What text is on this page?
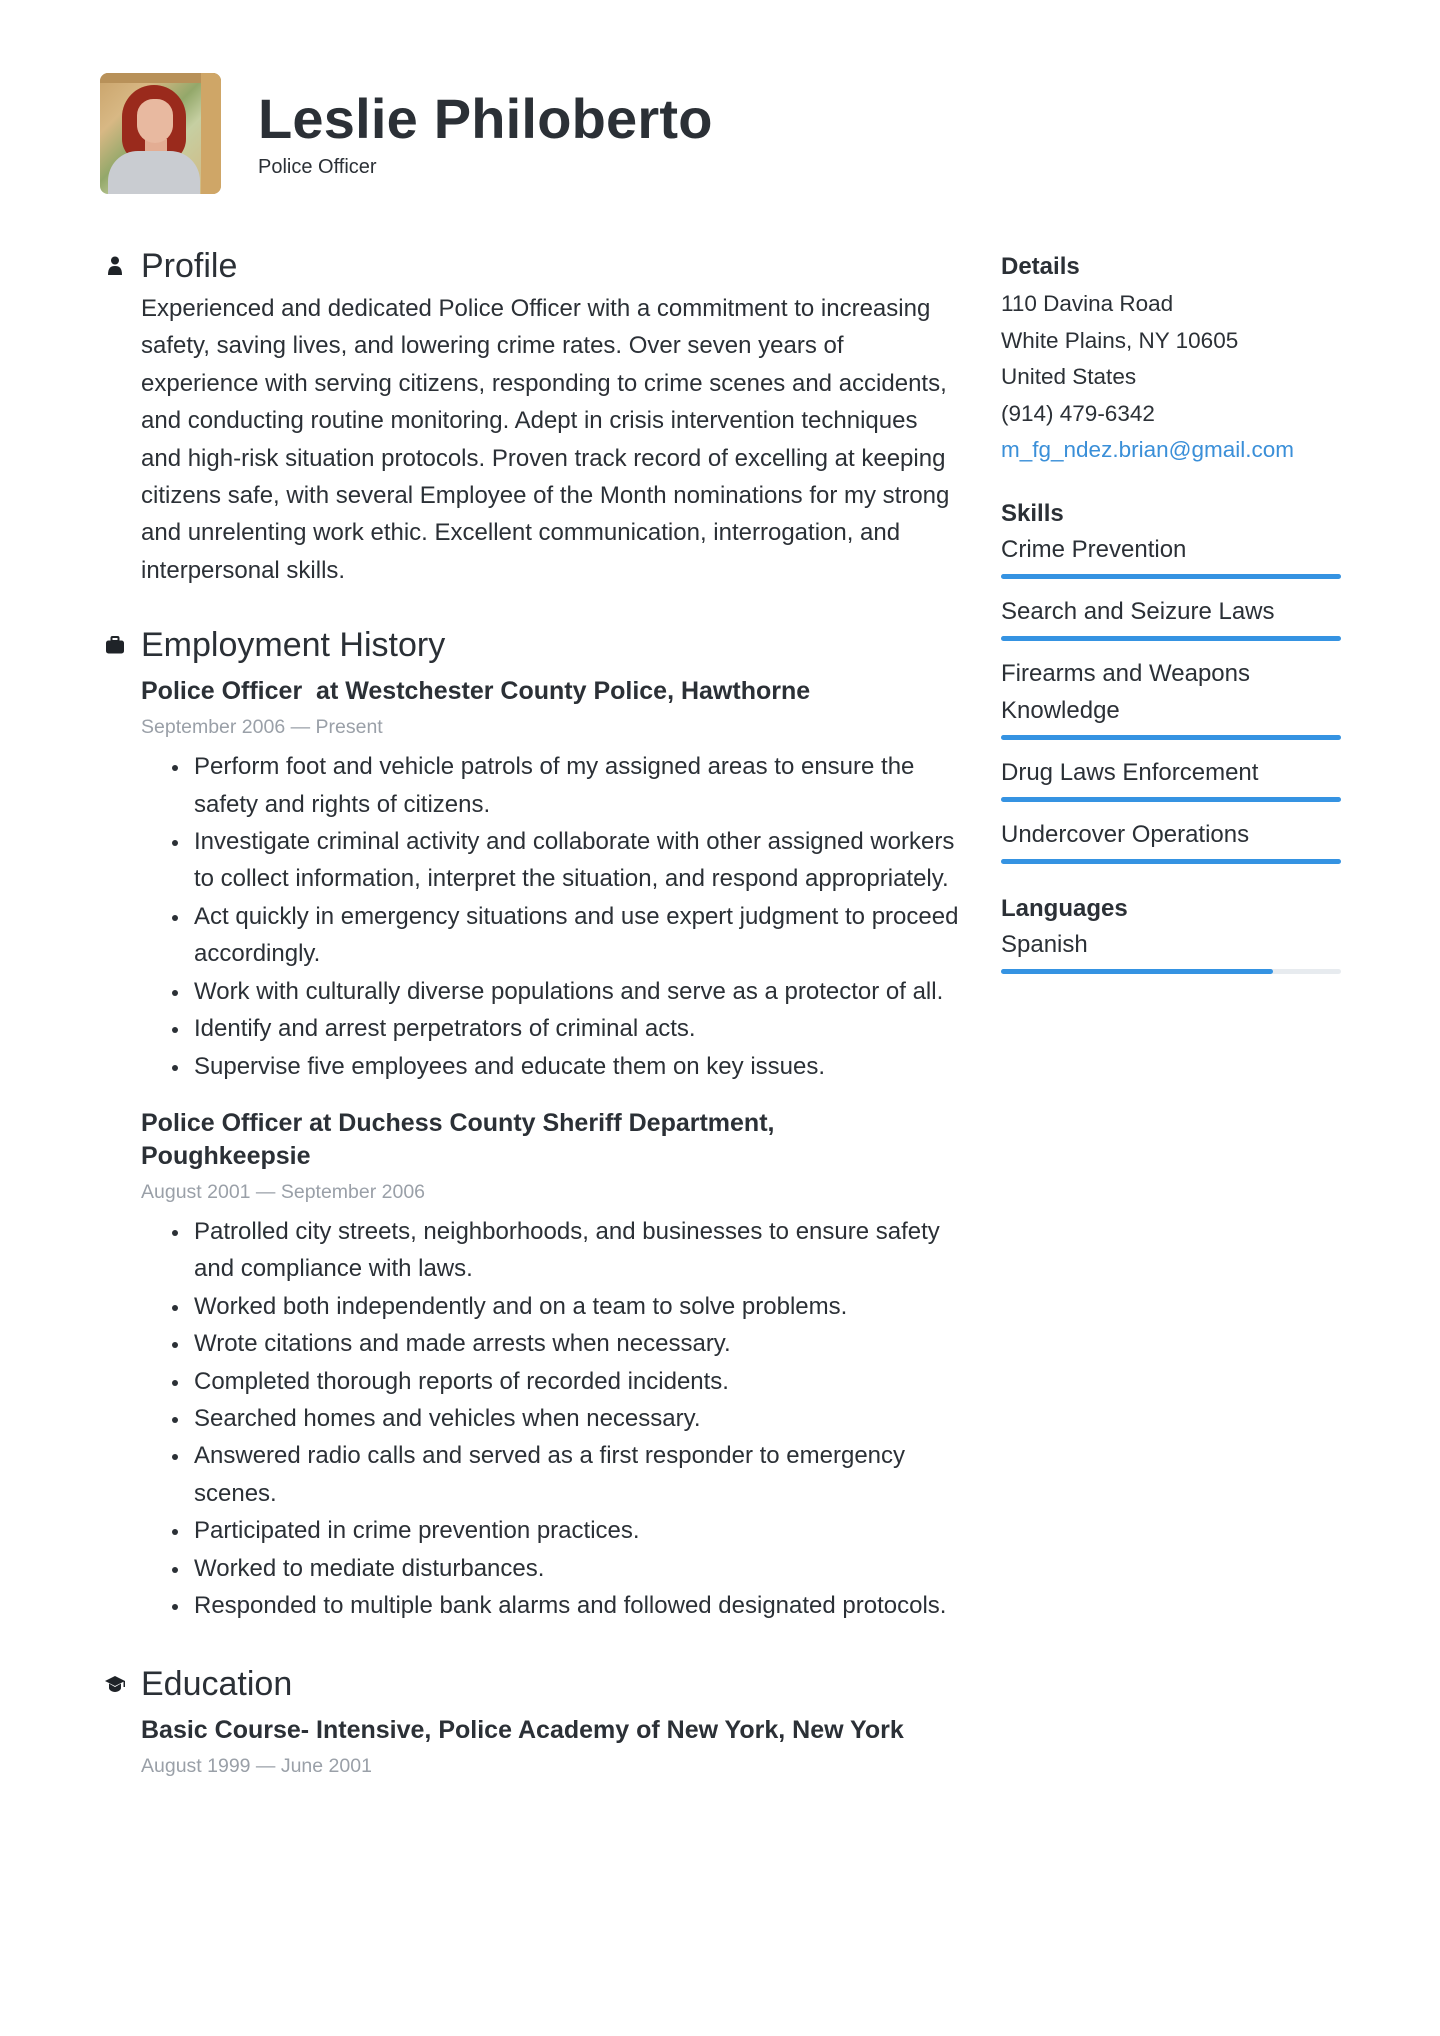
Leslie Philoberto
Police Officer
Profile

Experienced and dedicated Police Officer with a commitment to increasing safety, saving lives, and lowering crime rates. Over seven years of experience with serving citizens, responding to crime scenes and accidents, and conducting routine monitoring. Adept in crisis intervention techniques and high-risk situation protocols. Proven track record of excelling at keeping citizens safe, with several Employee of the Month nominations for my strong and unrelenting work ethic. Excellent communication, interrogation, and interpersonal skills.

Employment History
Police Officer  at Westchester County Police, Hawthorne
September 2006 — Present
Perform foot and vehicle patrols of my assigned areas to ensure the safety and rights of citizens.
Investigate criminal activity and collaborate with other assigned workers to collect information, interpret the situation, and respond appropriately.
Act quickly in emergency situations and use expert judgment to proceed accordingly.
Work with culturally diverse populations and serve as a protector of all.
Identify and arrest perpetrators of criminal acts.
Supervise five employees and educate them on key issues.
Police Officer at Duchess County Sheriff Department, Poughkeepsie
August 2001 — September 2006
Patrolled city streets, neighborhoods, and businesses to ensure safety and compliance with laws.
Worked both independently and on a team to solve problems.
Wrote citations and made arrests when necessary.
Completed thorough reports of recorded incidents.
Searched homes and vehicles when necessary.
Answered radio calls and served as a first responder to emergency scenes.
Participated in crime prevention practices.
Worked to mediate disturbances.
Responded to multiple bank alarms and followed designated protocols.
Education
Basic Course- Intensive, Police Academy of New York, New York
August 1999 — June 2001
Details
110 Davina Road
White Plains, NY 10605
United States
(914) 479-6342
m_fg_ndez.brian@gmail.com
Skills
Crime Prevention
Search and Seizure Laws
Firearms and Weapons Knowledge
Drug Laws Enforcement
Undercover Operations
Languages
Spanish
